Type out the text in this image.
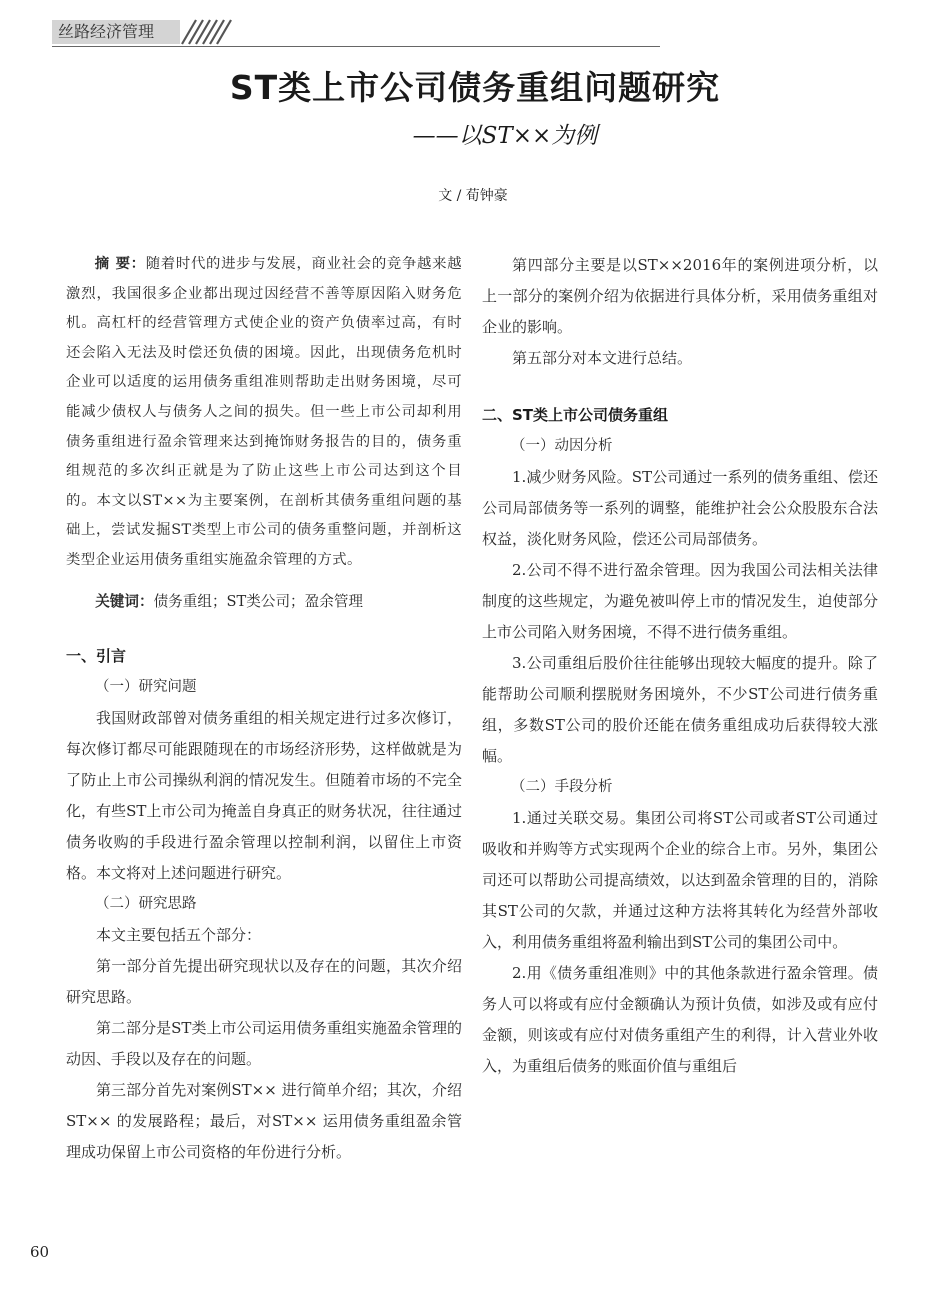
丝路经济管理
ST类上市公司债务重组问题研究
——以ST××为例
文 / 荀钟豪

摘 要：随着时代的进步与发展，商业社会的竞争越来越激烈，我国很多企业都出现过因经营不善等原因陷入财务危机。高杠杆的经营管理方式使企业的资产负债率过高，有时还会陷入无法及时偿还负债的困境。因此，出现债务危机时企业可以适度的运用债务重组准则帮助走出财务困境，尽可能减少债权人与债务人之间的损失。但一些上市公司却利用债务重组进行盈余管理来达到掩饰财务报告的目的，债务重组规范的多次纠正就是为了防止这些上市公司达到这个目的。本文以ST××为主要案例，在剖析其债务重组问题的基础上，尝试发掘ST类型上市公司的债务重整问题，并剖析这类型企业运用债务重组实施盈余管理的方式。

关键词：债务重组；ST类公司；盈余管理

一、引言

（一）研究问题

我国财政部曾对债务重组的相关规定进行过多次修订，每次修订都尽可能跟随现在的市场经济形势，这样做就是为了防止上市公司操纵利润的情况发生。但随着市场的不完全化，有些ST上市公司为掩盖自身真正的财务状况，往往通过债务收购的手段进行盈余管理以控制利润，以留住上市资格。本文将对上述问题进行研究。

（二）研究思路

本文主要包括五个部分：

第一部分首先提出研究现状以及存在的问题，其次介绍研究思路。

第二部分是ST类上市公司运用债务重组实施盈余管理的动因、手段以及存在的问题。

第三部分首先对案例ST×× 进行简单介绍；其次，介绍ST×× 的发展路程；最后，对ST×× 运用债务重组盈余管理成功保留上市公司资格的年份进行分析。

第四部分主要是以ST××2016年的案例进项分析，以上一部分的案例介绍为依据进行具体分析，采用债务重组对企业的影响。

第五部分对本文进行总结。

二、ST类上市公司债务重组

（一）动因分析

1.减少财务风险。ST公司通过一系列的债务重组、偿还公司局部债务等一系列的调整，能维护社会公众股股东合法权益，淡化财务风险，偿还公司局部债务。

2.公司不得不进行盈余管理。因为我国公司法相关法律制度的这些规定，为避免被叫停上市的情况发生，迫使部分上市公司陷入财务困境，不得不进行债务重组。

3.公司重组后股价往往能够出现较大幅度的提升。除了能帮助公司顺利摆脱财务困境外，不少ST公司进行债务重组，多数ST公司的股价还能在债务重组成功后获得较大涨幅。

（二）手段分析

1.通过关联交易。集团公司将ST公司或者ST公司通过吸收和并购等方式实现两个企业的综合上市。另外，集团公司还可以帮助公司提高绩效，以达到盈余管理的目的，消除其ST公司的欠款，并通过这种方法将其转化为经营外部收入，利用债务重组将盈利输出到ST公司的集团公司中。

2.用《债务重组准则》中的其他条款进行盈余管理。债务人可以将或有应付金额确认为预计负债，如涉及或有应付金额，则该或有应付对债务重组产生的利得，计入营业外收入，为重组后债务的账面价值与重组后

60
